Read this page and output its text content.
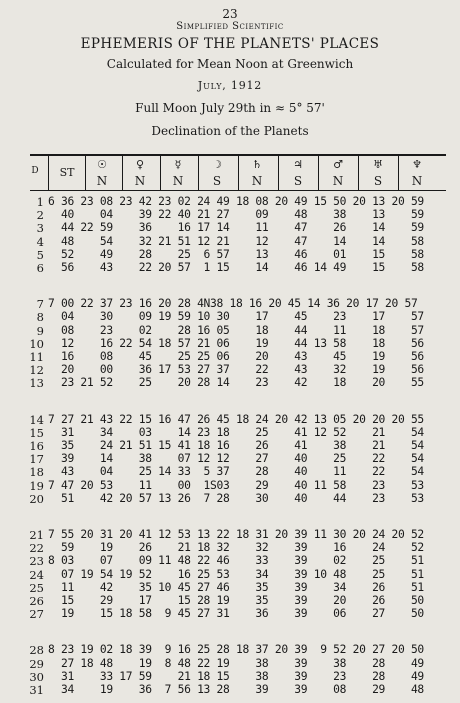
23
Simplified Scientific
EPHEMERIS OF THE PLANETS' PLACES
Calculated for Mean Noon at Greenwich
July, 1912
Full Moon July 29th in ≈ 5° 57'
Declination of the Planets
D	ST
☉
N
♀
N
☿
N
☽
S
♄
N
♃
S
♂
N
♅
S
♆
N
1 6 36 23 08 23 42 23 02 24 49 18 08 20 49 15 50 20 13 20 59
2 40    04    39 22 40 21 27    09    48    38    13    59
3 44 22 59    36    16 17 14    11    47    26    14    59
4 48    54    32 21 51 12 21    12    47    14    14    58
5 52    49    28    25  6 57    13    46    01    15    58
6 56    43    22 20 57  1 15    14    46 14 49    15    58
7 7 00 22 37 23 16 20 28 4N38 18 16 20 45 14 36 20 17 20 57
8 04    30    09 19 59 10 30    17    45    23    17    57
9 08    23    02    28 16 05    18    44    11    18    57
10 12    16 22 54 18 57 21 06    19    44 13 58    18    56
11 16    08    45    25 25 06    20    43    45    19    56
12 20    00    36 17 53 27 37    22    43    32    19    56
13 23 21 52    25    20 28 14    23    42    18    20    55
14 7 27 21 43 22 15 16 47 26 45 18 24 20 42 13 05 20 20 20 55
15 31    34    03    14 23 18    25    41 12 52    21    54
16 35    24 21 51 15 41 18 16    26    41    38    21    54
17 39    14    38    07 12 12    27    40    25    22    54
18 43    04    25 14 33  5 37    28    40    11    22    54
19 7 47 20 53    11    00  1S03    29    40 11 58    23    53
20 51    42 20 57 13 26  7 28    30    40    44    23    53
21 7 55 20 31 20 41 12 53 13 22 18 31 20 39 11 30 20 24 20 52
22 59    19    26    21 18 32    32    39    16    24    52
23 8 03    07    09 11 48 22 46    33    39    02    25    51
24 07 19 54 19 52    16 25 53    34    39 10 48    25    51
25 11    42    35 10 45 27 46    35    39    34    26    51
26 15    29    17    15 28 19    35    39    20    26    50
27 19    15 18 58  9 45 27 31    36    39    06    27    50
28 8 23 19 02 18 39  9 16 25 28 18 37 20 39  9 52 20 27 20 50
29 27 18 48    19  8 48 22 19    38    39    38    28    49
30 31    33 17 59    21 18 15    38    39    23    28    49
31 34    19    36  7 56 13 28    39    39    08    29    48
